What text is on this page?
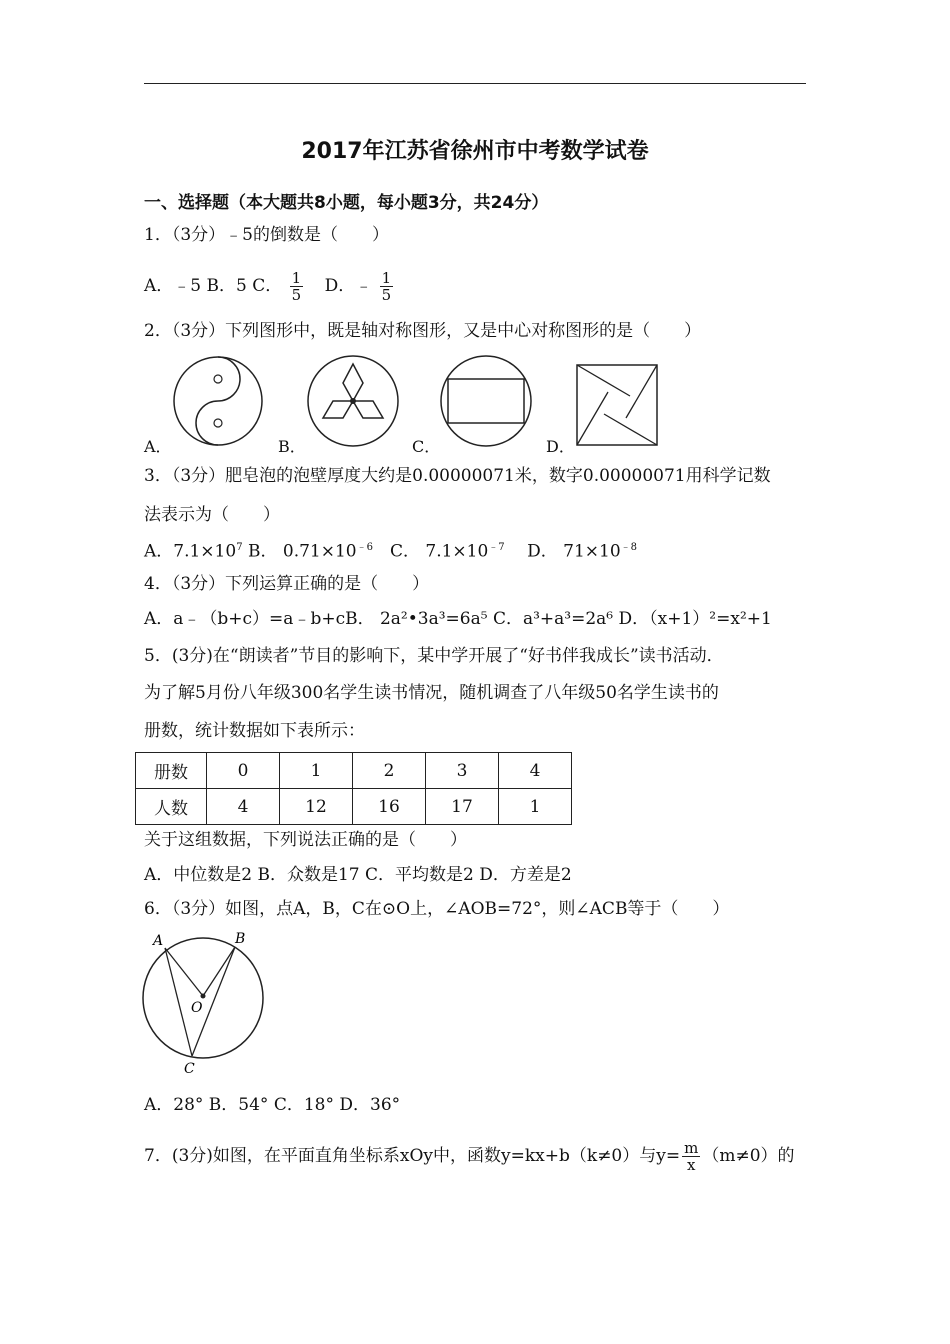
2017年江苏省徐州市中考数学试卷
一、选择题（本大题共8小题，每小题3分，共24分）
1．（3分）﹣5的倒数是（　　）
A．﹣5 B．5 C． $\frac{1}{5}$ D．﹣ $\frac{1}{5}$
2．（3分）下列图形中，既是轴对称图形，又是中心对称图形的是（　　）
A．	B．	C．	D．
3．（3分）肥皂泡的泡壁厚度大约是0.00000071米，数字0.00000071用科学记数
法表示为（　　）
A．$7.1\times 10^7$ B． $0.71\times 10^{﹣6}$　C． $7.1\times 10^{﹣7}$　 D． $71\times 10^{﹣8}$
4．（3分）下列运算正确的是（　　）
A．a﹣（b+c）=a﹣b+cB． 2a²•3a³=6a⁵ C．a³+a³=2a⁶ D．（x+1）²=x²+1
5．(3分)在“朗读者”节目的影响下，某中学开展了“好书伴我成长”读书活动．
为了解5月份八年级300名学生读书情况，随机调查了八年级50名学生读书的
册数，统计数据如下表所示：
册数	0	1	2	3	4
人数	4	12	16	17	1
关于这组数据，下列说法正确的是（　　）
A．中位数是2 B．众数是17 C．平均数是2 D．方差是2
6．（3分）如图，点A，B，C在⊙O上，∠AOB=72°，则∠ACB等于（　　）
A	B
O
C
A．28° B．54° C．18° D．36°
7．(3分)如图，在平面直角坐标系xOy中，函数y=kx+b（k≠0）与$y= \frac{m}{x} (m\ne 0)$的
